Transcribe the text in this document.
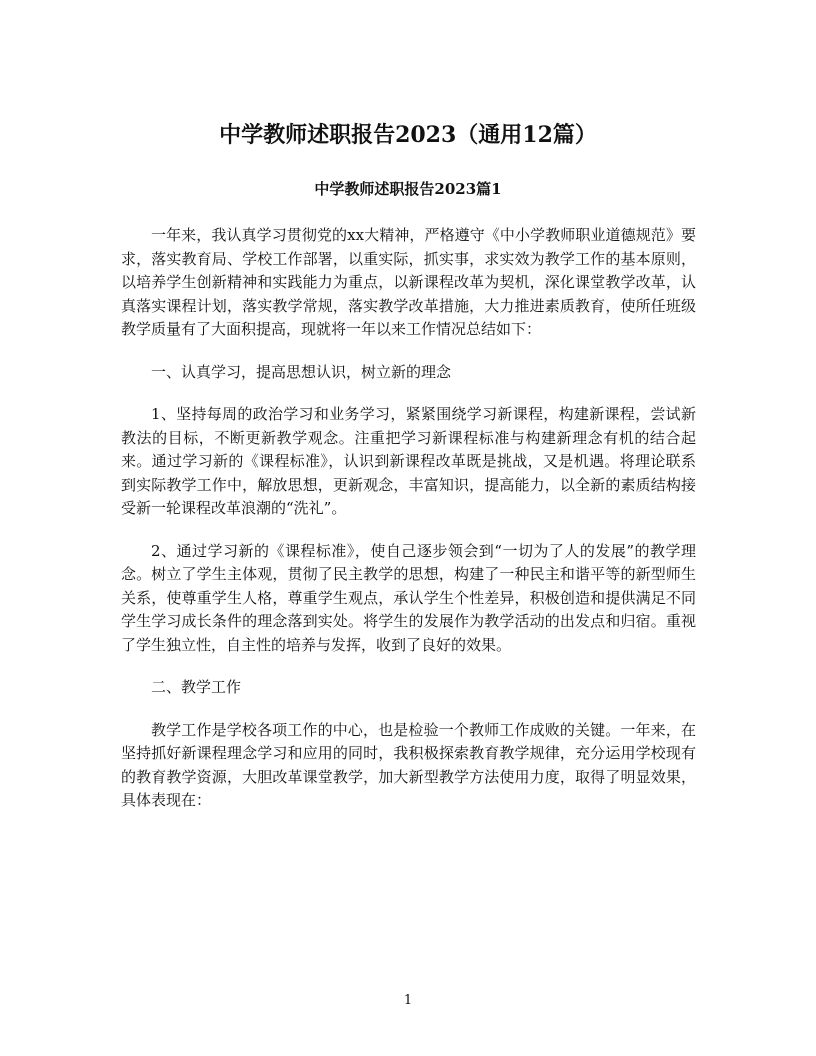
中学教师述职报告2023（通用12篇）
中学教师述职报告2023篇1

一年来，我认真学习贯彻党的xx大精神，严格遵守《中小学教师职业道德规范》要求，落实教育局、学校工作部署，以重实际，抓实事，求实效为教学工作的基本原则，以培养学生创新精神和实践能力为重点，以新课程改革为契机，深化课堂教学改革，认真落实课程计划，落实教学常规，落实教学改革措施，大力推进素质教育，使所任班级教学质量有了大面积提高，现就将一年以来工作情况总结如下：

一、认真学习，提高思想认识，树立新的理念

1、坚持每周的政治学习和业务学习，紧紧围绕学习新课程，构建新课程，尝试新教法的目标，不断更新教学观念。注重把学习新课程标准与构建新理念有机的结合起来。通过学习新的《课程标准》，认识到新课程改革既是挑战，又是机遇。将理论联系到实际教学工作中，解放思想，更新观念，丰富知识，提高能力，以全新的素质结构接受新一轮课程改革浪潮的“洗礼”。

2、通过学习新的《课程标准》，使自己逐步领会到“一切为了人的发展”的教学理念。树立了学生主体观，贯彻了民主教学的思想，构建了一种民主和谐平等的新型师生关系，使尊重学生人格，尊重学生观点，承认学生个性差异，积极创造和提供满足不同学生学习成长条件的理念落到实处。将学生的发展作为教学活动的出发点和归宿。重视了学生独立性，自主性的培养与发挥，收到了良好的效果。

二、教学工作

教学工作是学校各项工作的中心，也是检验一个教师工作成败的关键。一年来，在坚持抓好新课程理念学习和应用的同时，我积极探索教育教学规律，充分运用学校现有的教育教学资源，大胆改革课堂教学，加大新型教学方法使用力度，取得了明显效果，具体表现在：

1
